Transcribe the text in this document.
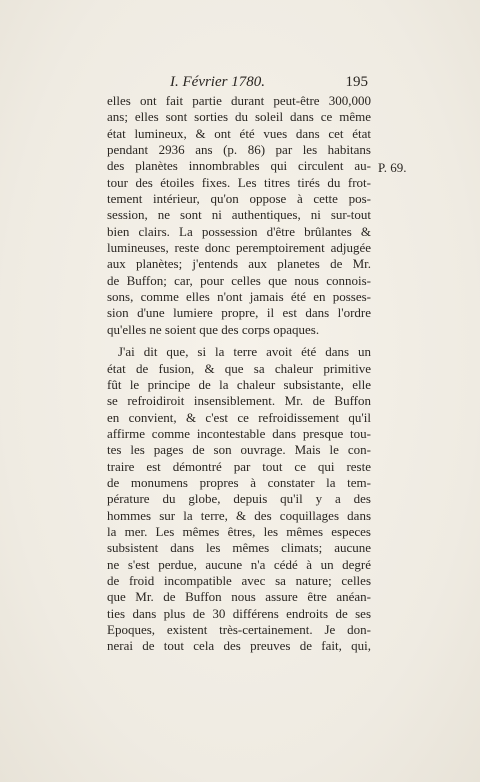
I. Février 1780.	195
P. 69.
elles ont fait partie durant peut-être 300,000
ans; elles sont sorties du soleil dans ce même
état lumineux, & ont été vues dans cet état
pendant 2936 ans (p. 86) par les habitans
des planètes innombrables qui circulent au-
tour des étoiles fixes. Les titres tirés du frot-
tement intérieur, qu'on oppose à cette pos-
session, ne sont ni authentiques, ni sur-tout
bien clairs. La possession d'être brûlantes &
lumineuses, reste donc peremptoirement adjugée
aux planètes; j'entends aux planetes de Mr.
de Buffon; car, pour celles que nous connois-
sons, comme elles n'ont jamais été en posses-
sion d'une lumiere propre, il est dans l'ordre
qu'elles ne soient que des corps opaques.
J'ai dit que, si la terre avoit été dans un
état de fusion, & que sa chaleur primitive
fût le principe de la chaleur subsistante, elle
se refroidiroit insensiblement. Mr. de Buffon
en convient, & c'est ce refroidissement qu'il
affirme comme incontestable dans presque tou-
tes les pages de son ouvrage. Mais le con-
traire est démontré par tout ce qui reste
de monumens propres à constater la tem-
pérature du globe, depuis qu'il y a des
hommes sur la terre, & des coquillages dans
la mer. Les mêmes êtres, les mêmes especes
subsistent dans les mêmes climats; aucune
ne s'est perdue, aucune n'a cédé à un degré
de froid incompatible avec sa nature; celles
que Mr. de Buffon nous assure être anéan-
ties dans plus de 30 différens endroits de ses
Epoques, existent très-certainement. Je don-
nerai de tout cela des preuves de fait, qui,
